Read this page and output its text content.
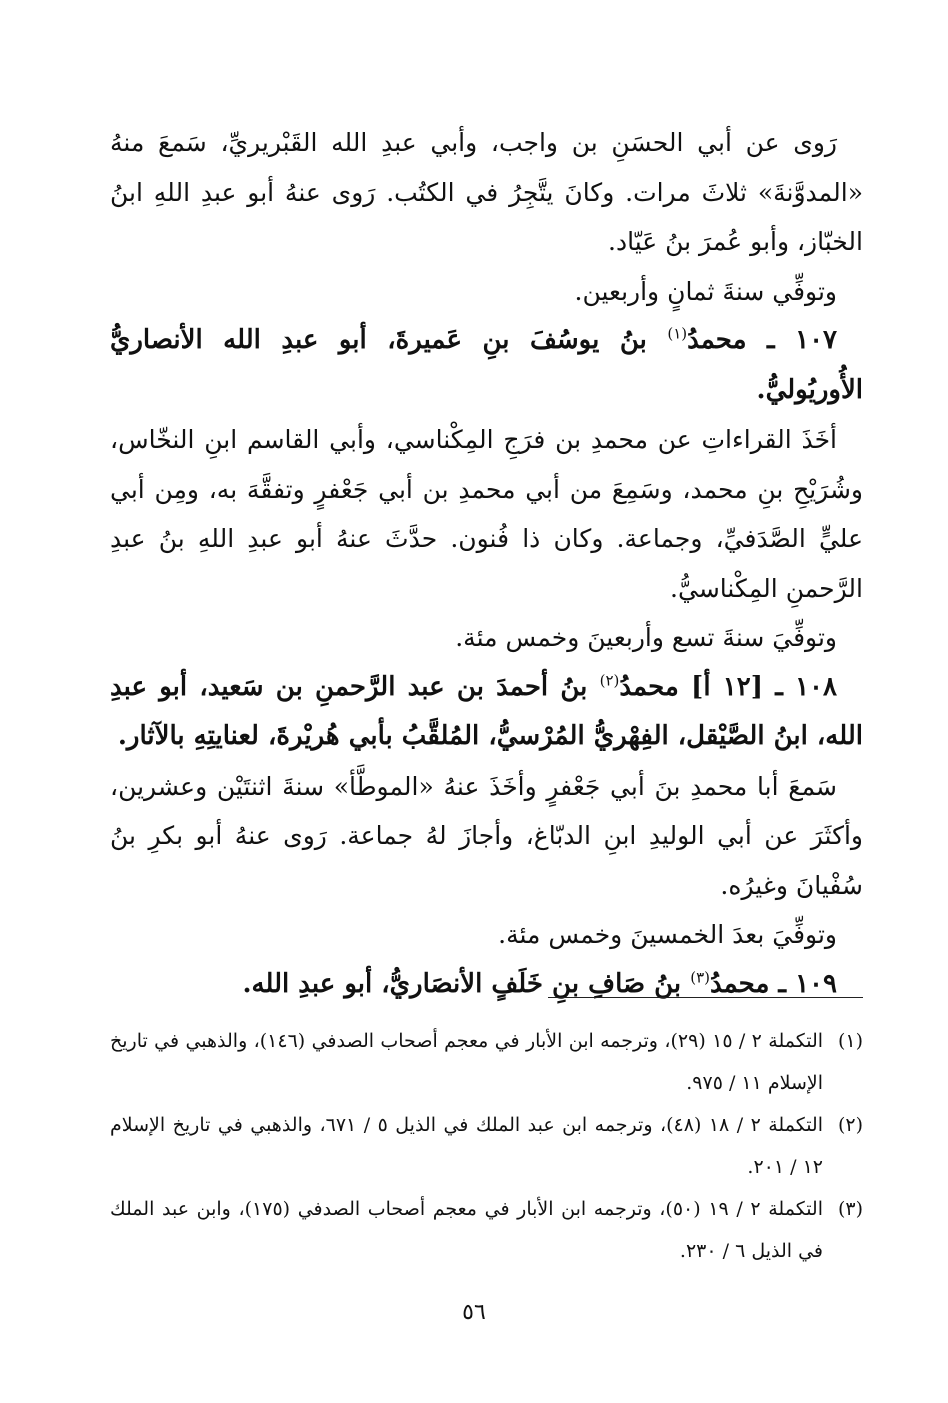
رَوى عن أبي الحسَنِ بن واجب، وأبي عبدِ الله القَبْريريِّ، سَمعَ منهُ «المدوَّنةَ» ثلاثَ مرات. وكانَ يتَّجِرُ في الكتُب. رَوى عنهُ أبو عبدِ اللهِ ابنُ الخبّاز، وأبو عُمرَ بنُ عَيّاد.

وتوفِّي سنةَ ثمانٍ وأربعين.

١٠٧ ـ محمدُ$^{(١)}$ بنُ يوسُفَ بنِ عَميرةَ، أبو عبدِ الله الأنصاريُّ الأُوريُوليُّ.

أخَذَ القراءاتِ عن محمدِ بن فرَجِ المِكْناسي، وأبي القاسم ابنِ النخّاس، وشُرَيْحِ بنِ محمد، وسَمِعَ من أبي محمدِ بن أبي جَعْفرٍ وتفقَّهَ به، ومِن أبي عليٍّ الصَّدَفيِّ، وجماعة. وكان ذا فُنون. حدَّثَ عنهُ أبو عبدِ اللهِ بنُ عبدِ الرَّحمنِ المِكْناسيُّ.

وتوفِّيَ سنةَ تسع وأربعينَ وخمس مئة.

١٠٨ ـ [١٢ أ] محمدُ$^{(٢)}$ بنُ أحمدَ بن عبد الرَّحمنِ بن سَعيد، أبو عبدِ الله، ابنُ الصَّيْقل، الفِهْريُّ المُرْسيُّ، المُلقَّبُ بأبي هُريْرةَ، لعنايتِهِ بالآثار.

سَمعَ أبا محمدِ بنَ أبي جَعْفرٍ وأخَذَ عنهُ «الموطَّأ» سنةَ اثنتَيْن وعشرين، وأكثَرَ عن أبي الوليدِ ابنِ الدبّاغ، وأجازَ لهُ جماعة. رَوى عنهُ أبو بكرِ بنُ سُفْيانَ وغيرُه.

وتوفِّيَ بعدَ الخمسينَ وخمس مئة.

١٠٩ ـ محمدُ$^{(٣)}$ بنُ صَافِ بنِ خَلَفٍ الأنصَاريُّ، أبو عبدِ الله.

(١)
التكملة ٢ / ١٥ (٢٩)، وترجمه ابن الأبار في معجم أصحاب الصدفي (١٤٦)، والذهبي في تاريخ الإسلام ١١ / ٩٧٥.

(٢)
التكملة ٢ / ١٨ (٤٨)، وترجمه ابن عبد الملك في الذيل ٥ / ٦٧١، والذهبي في تاريخ الإسلام ١٢ / ٢٠١.

(٣)
التكملة ٢ / ١٩ (٥٠)، وترجمه ابن الأبار في معجم أصحاب الصدفي (١٧٥)، وابن عبد الملك في الذيل ٦ / ٢٣٠.

٥٦
